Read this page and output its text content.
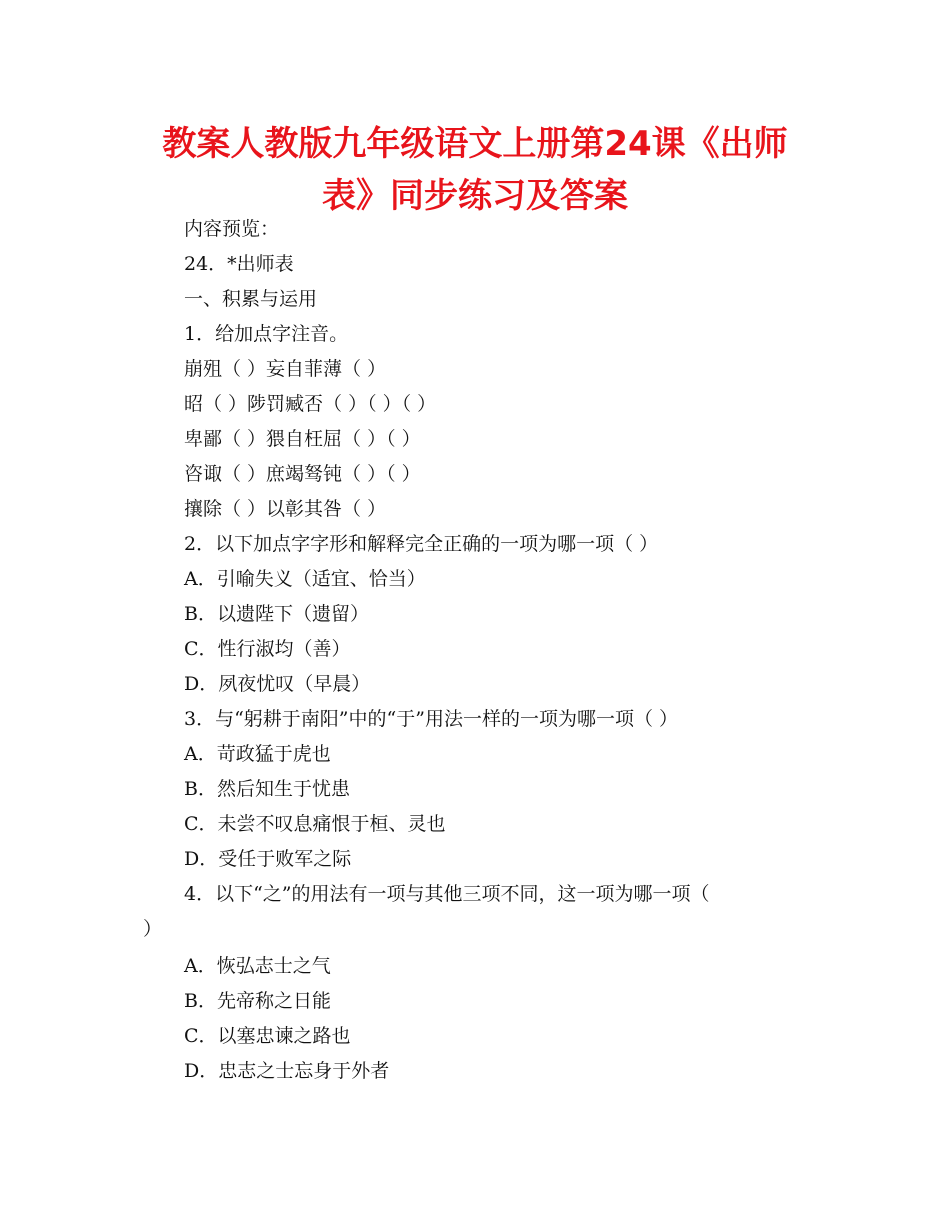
教案人教版九年级语文上册第24课《出师
表》同步练习及答案
内容预览：
24．*出师表
一、积累与运用
1．给加点字注音。
崩殂（ ）妄自菲薄（ ）
昭（ ）陟罚臧否（ ）（ ）（ ）
卑鄙（ ）猥自枉屈（ ）（ ）
咨诹（ ）庶竭驽钝（ ）（ ）
攘除（ ）以彰其咎（ ）
2．以下加点字字形和解释完全正确的一项为哪一项（ ）
A．引喻失义（适宜、恰当）
B．以遗陛下（遗留）
C．性行淑均（善）
D．夙夜忧叹（早晨）
3．与“躬耕于南阳”中的“于”用法一样的一项为哪一项（ ）
A．苛政猛于虎也
B．然后知生于忧患
C．未尝不叹息痛恨于桓、灵也
D．受任于败军之际
4．以下“之”的用法有一项与其他三项不同，这一项为哪一项（
）
A．恢弘志士之气
B．先帝称之日能
C．以塞忠谏之路也
D．忠志之士忘身于外者
